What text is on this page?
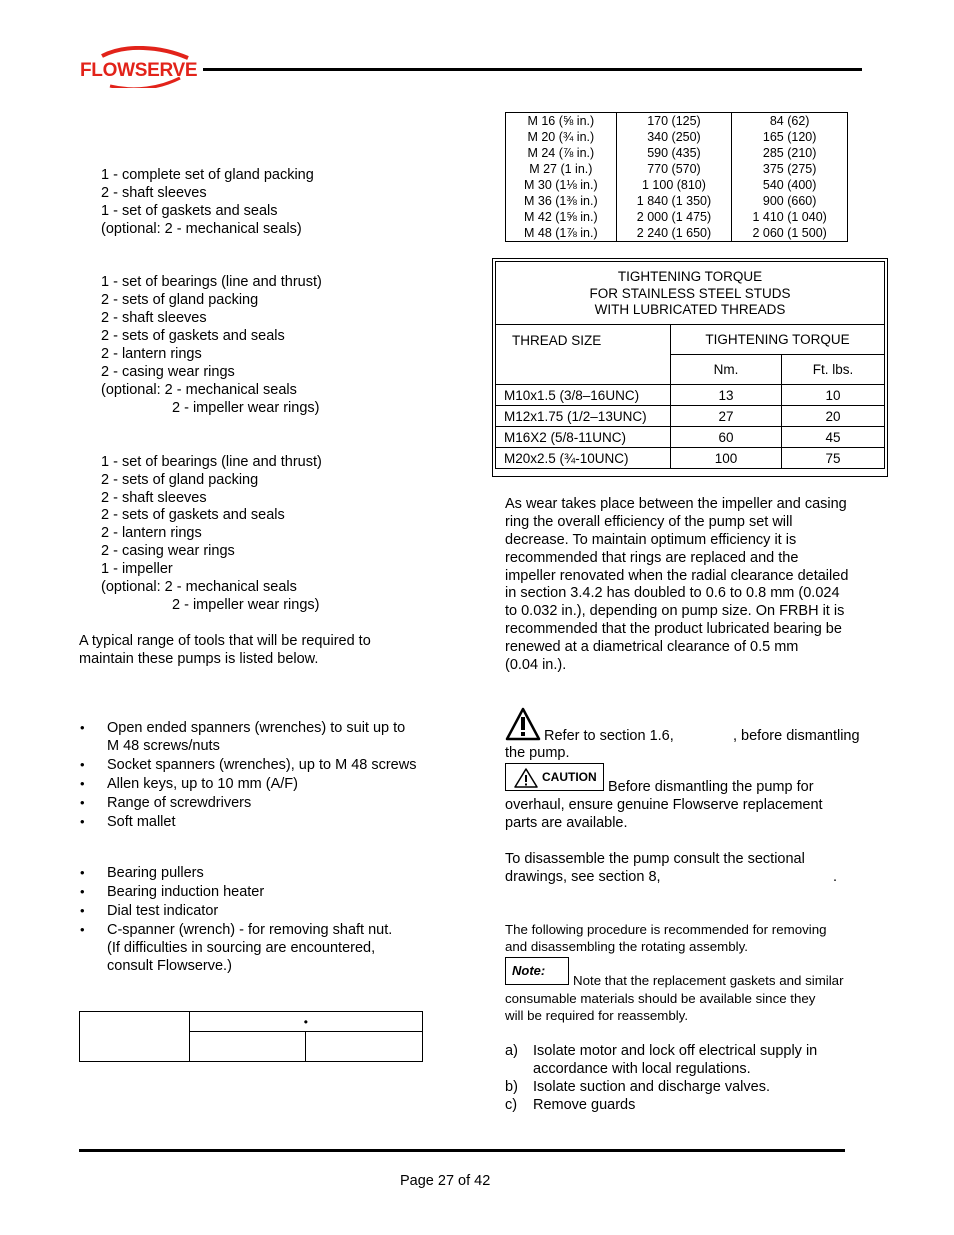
FLOWSERVE
1 - complete set of gland packing
2 - shaft sleeves
1 - set of gaskets and seals
(optional: 2 - mechanical seals)
1 - set of bearings (line and thrust)
2 - sets of gland packing
2 - shaft sleeves
2 - sets of gaskets and seals
2 - lantern rings
2 - casing wear rings
(optional: 2 - mechanical seals
2 - impeller wear rings)
1 - set of bearings (line and thrust)
2 - sets of gland packing
2 - shaft sleeves
2 - sets of gaskets and seals
2 - lantern rings
2 - casing wear rings
1 - impeller
(optional: 2 - mechanical seals
2 - impeller wear rings)
A typical range of tools that will be required to
maintain these pumps is listed below.
•	Open ended spanners (wrenches) to suit up to
M 48 screws/nuts
•	Socket spanners (wrenches), up to M 48 screws
•	Allen keys, up to 10 mm (A/F)
•	Range of screwdrivers
•	Soft mallet
•	Bearing pullers
•	Bearing induction heater
•	Dial test indicator
•	C-spanner (wrench) - for removing shaft nut.
(If difficulties in sourcing are encountered,
consult Flowserve.)
	•	

M 16 (⅝ in.)	170 (125)	84 (62)
M 20 (¾ in.)	340 (250)	165 (120)
M 24 (⅞ in.)	590 (435)	285 (210)
M 27 (1 in.)	770 (570)	375 (275)
M 30 (1⅛ in.)	1 100 (810)	540 (400)
M 36 (1⅜ in.)	1 840 (1 350)	900 (660)
M 42 (1⅝ in.)	2 000 (1 475)	1 410 (1 040)
M 48 (1⅞ in.)	2 240 (1 650)	2 060 (1 500)
TIGHTENING TORQUE
FOR STAINLESS STEEL STUDS
WITH LUBRICATED THREADS		

THREAD SIZE	TIGHTENING TORQUE	
	Nm.	Ft. lbs.
M10x1.5 (3/8–16UNC)	13	10
M12x1.75 (1/2–13UNC)	27	20
M16X2 (5/8-11UNC)	60	45
M20x2.5 (¾-10UNC)	100	75
As wear takes place between the impeller and casing
ring the overall efficiency of the pump set will
decrease. To maintain optimum efficiency it is
recommended that rings are replaced and the
impeller renovated when the radial clearance detailed
in section 3.4.2 has doubled to 0.6 to 0.8 mm (0.024
to 0.032 in.), depending on pump size. On FRBH it is
recommended that the product lubricated bearing be
renewed at a diametrical clearance of 0.5 mm
(0.04 in.).
Refer to section 1.6,	, before dismantling
the pump.
CAUTION
Before dismantling the pump for
overhaul, ensure genuine Flowserve replacement
parts are available.
To disassemble the pump consult the sectional
drawings, see section 8,	.
The following procedure is recommended for removing
and disassembling the rotating assembly.
Note:
Note that the replacement gaskets and similar
consumable materials should be available since they
will be required for reassembly.
a) Isolate motor and lock off electrical supply in
accordance with local regulations.
b) Isolate suction and discharge valves.
c) Remove guards
Page 27 of 42
